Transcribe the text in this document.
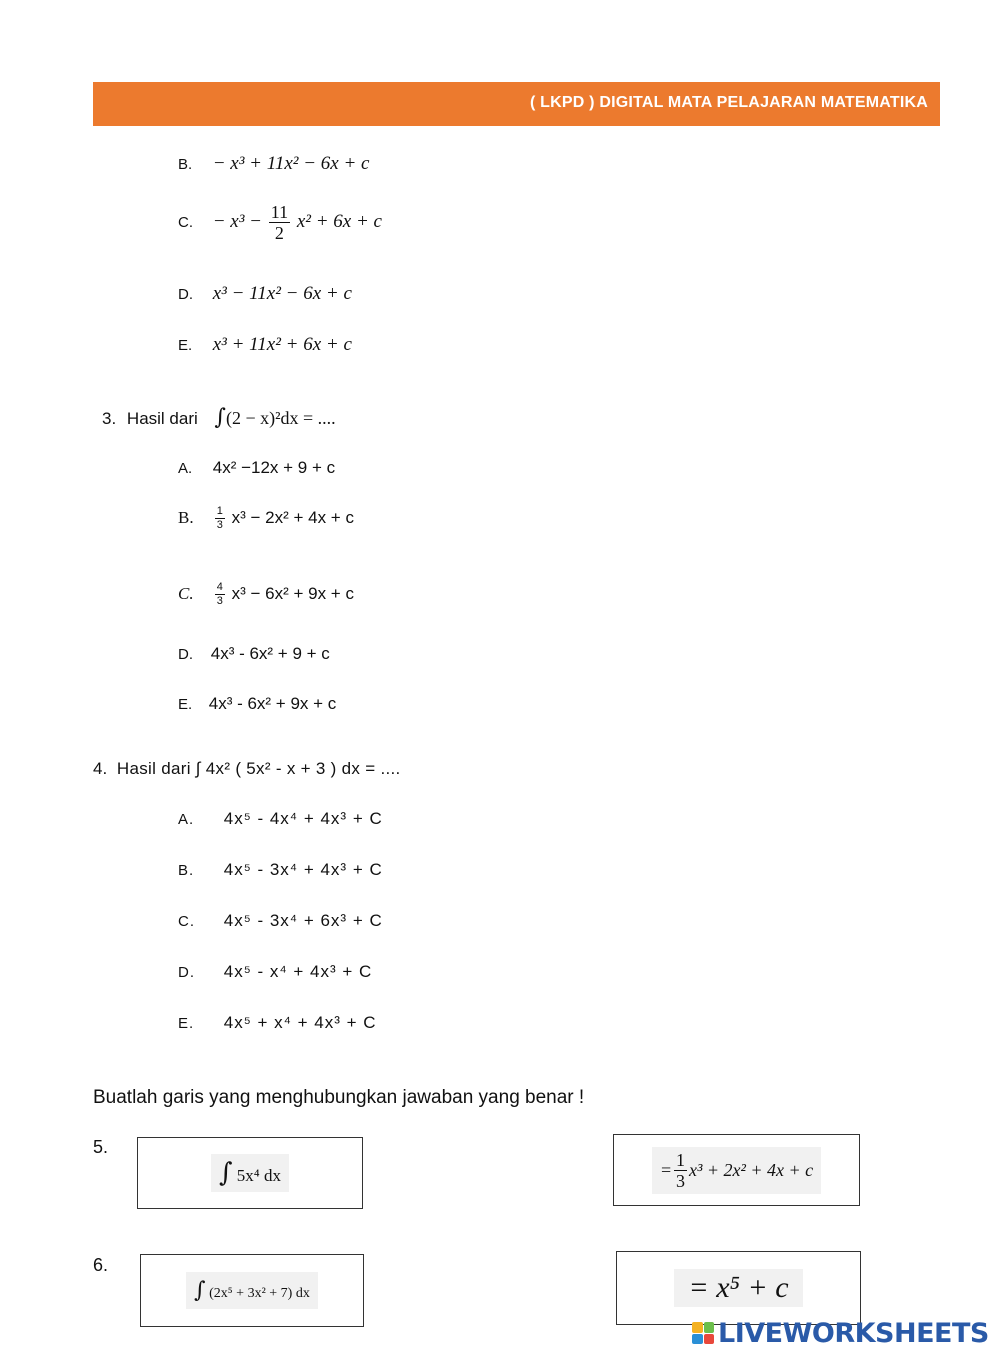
( LKPD ) DIGITAL MATA PELAJARAN MATEMATIKA
B. − x³ + 11x² − 6x + c
C. − $x^3 - \frac{11}{2} x^2 + 6x + c$
D. x³ − 11x² − 6x + c
E. x³ + 11x² + 6x + c
3. Hasil dari ∫(2 − x)²dx = ....
A. 4x² −12x + 9 + c
B. $\frac{1}{3} x^3 - 2x^2 + 4x + c$
C. $\frac{4}{3} x^3 - 6x^2 + 9x + c$
D. 4x³ - 6x² + 9 + c
E. 4x³ - 6x² + 9x + c
4. Hasil dari ∫ 4x² ( 5x² - x + 3 ) dx = ....
A. 4x⁵ - 4x⁴ + 4x³ + C
B. 4x⁵ - 3x⁴ + 4x³ + C
C. 4x⁵ - 3x⁴ + 6x³ + C
D. 4x⁵ - x⁴ + 4x³ + C
E. 4x⁵ + x⁴ + 4x³ + C
Buatlah garis yang menghubungkan jawaban yang benar !
5.
∫ 5x⁴ dx	= $\frac{1}{3} x^3 + 2x^2 + 4x + c$
6.
∫ (2x⁵ + 3x² + 7) dx	= x⁵ + c
LIVEWORKSHEETS
